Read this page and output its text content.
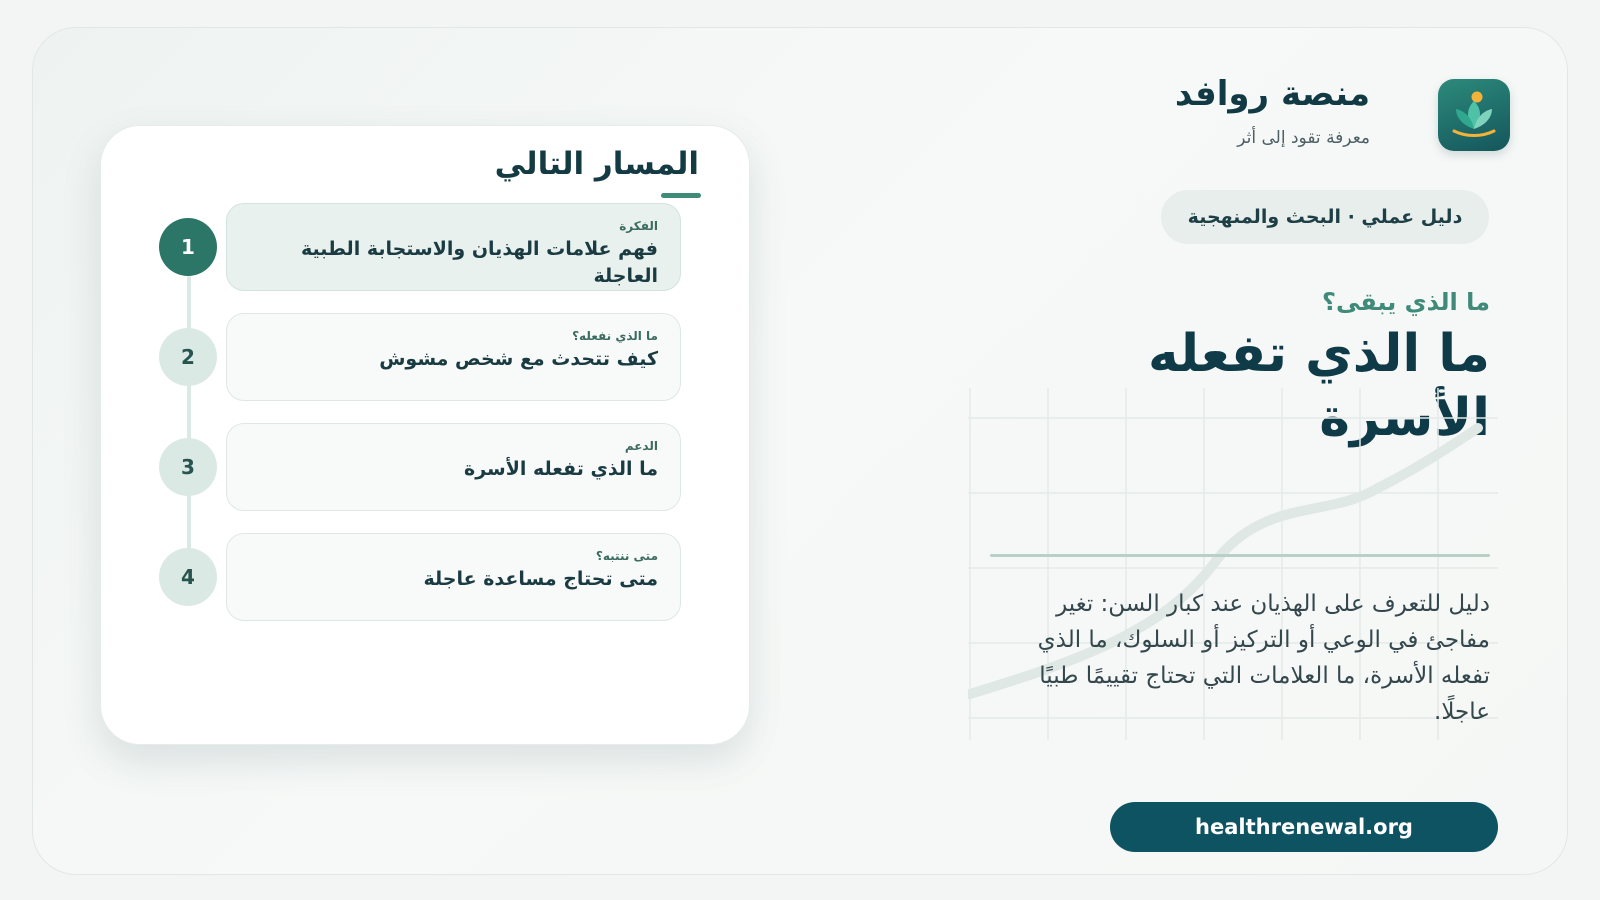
منصة روافد
معرفة تقود إلى أثر
دليل عملي · البحث والمنهجية
ما الذي يبقى؟
ما الذي تفعله الأسرة
دليل للتعرف على الهذيان عند كبار السن: تغير مفاجئ في الوعي أو التركيز أو السلوك، ما الذي تفعله الأسرة، ما العلامات التي تحتاج تقييمًا طبيًا عاجلًا.
healthrenewal.org
المسار التالي
1
الفكرة
فهم علامات الهذيان والاستجابة الطبية العاجلة
2
ما الذي نفعله؟
كيف تتحدث مع شخص مشوش
3
الدعم
ما الذي تفعله الأسرة
4
متى ننتبه؟
متى تحتاج مساعدة عاجلة
